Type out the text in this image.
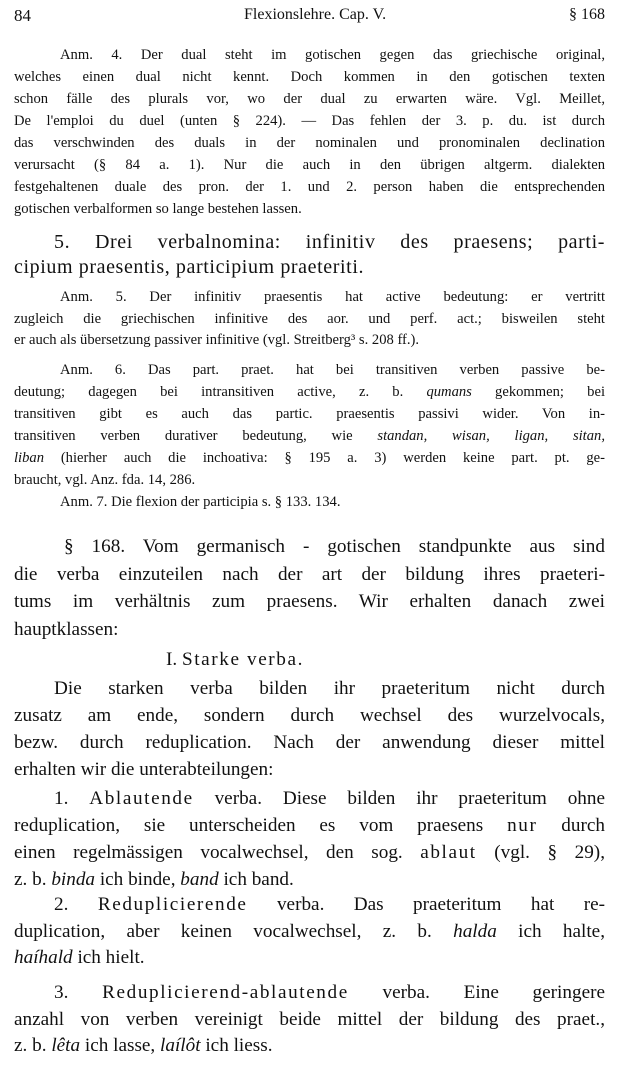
84	Flexionslehre. Cap. V.	§ 168
Anm. 4. Der dual steht im gotischen gegen das griechische original,
welches einen dual nicht kennt. Doch kommen in den gotischen texten
schon fälle des plurals vor, wo der dual zu erwarten wäre. Vgl. Meillet,
De l'emploi du duel (unten § 224). — Das fehlen der 3. p. du. ist durch
das verschwinden des duals in der nominalen und pronominalen declination
verursacht (§ 84 a. 1). Nur die auch in den übrigen altgerm. dialekten
festgehaltenen duale des pron. der 1. und 2. person haben die entsprechenden
gotischen verbalformen so lange bestehen lassen.
5. Drei verbalnomina: infinitiv des praesens; parti-
cipium praesentis, participium praeteriti.
Anm. 5. Der infinitiv praesentis hat active bedeutung: er vertritt
zugleich die griechischen infinitive des aor. und perf. act.; bisweilen steht
er auch als übersetzung passiver infinitive (vgl. Streitberg³ s. 208 ff.).
Anm. 6. Das part. praet. hat bei transitiven verben passive be-
deutung; dagegen bei intransitiven active, z. b. qumans gekommen; bei
transitiven gibt es auch das partic. praesentis passivi wider. Von in-
transitiven verben durativer bedeutung, wie standan, wisan, ligan, sitan,
liban (hierher auch die inchoativa: § 195 a. 3) werden keine part. pt. ge-
braucht, vgl. Anz. fda. 14, 286.
Anm. 7. Die flexion der participia s. § 133. 134.
§ 168. Vom germanisch - gotischen standpunkte aus sind
die verba einzuteilen nach der art der bildung ihres praeteri-
tums im verhältnis zum praesens. Wir erhalten danach zwei
hauptklassen:
I. Starke verba.
Die starken verba bilden ihr praeteritum nicht durch
zusatz am ende, sondern durch wechsel des wurzelvocals,
bezw. durch reduplication. Nach der anwendung dieser mittel
erhalten wir die unterabteilungen:
1. Ablautende verba. Diese bilden ihr praeteritum ohne
reduplication, sie unterscheiden es vom praesens nur durch
einen regelmässigen vocalwechsel, den sog. ablaut (vgl. § 29),
z. b. binda ich binde, band ich band.
2. Reduplicierende verba. Das praeteritum hat re-
duplication, aber keinen vocalwechsel, z. b. halda ich halte,
haíhald ich hielt.
3. Reduplicierend-ablautende verba. Eine geringere
anzahl von verben vereinigt beide mittel der bildung des praet.,
z. b. lêta ich lasse, laílôt ich liess.
